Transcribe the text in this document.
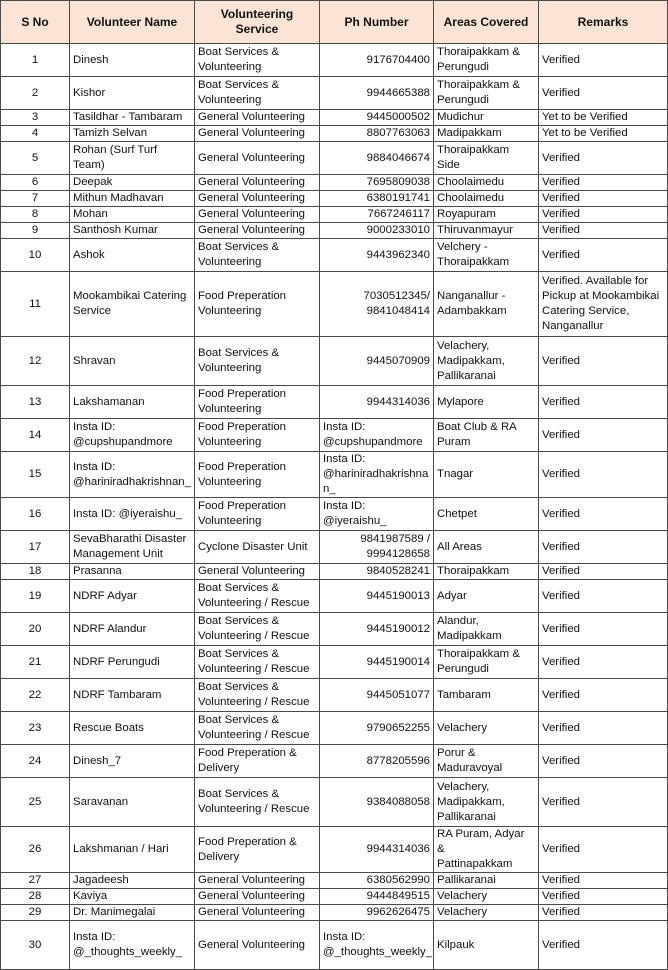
S No	Volunteer Name	Volunteering Service	Ph Number	Areas Covered	Remarks

1	Dinesh	Boat Services &
Volunteering	9176704400	Thoraipakkam &
Perungudi	Verified

2	Kishor	Boat Services &
Volunteering	9944665388	Thoraipakkam &
Perungudi	Verified

3	Tasildhar - Tambaram	General Volunteering	9445000502	Mudichur	Yet to be Verified

4	Tamizh Selvan	General Volunteering	8807763063	Madipakkam	Yet to be Verified

5	Rohan (Surf Turf Team)	General Volunteering	9884046674	Thoraipakkam Side	Verified

6	Deepak	General Volunteering	7695809038	Choolaimedu	Verified

7	Mithun Madhavan	General Volunteering	6380191741	Choolaimedu	Verified

8	Mohan	General Volunteering	7667246117	Royapuram	Verified

9	Santhosh Kumar	General Volunteering	9000233010	Thiruvanmayur	Verified

10	Ashok	Boat Services &
Volunteering	9443962340	Velchery -
Thoraipakkam	Verified

11	Mookambikai Catering
Service	Food Preperation
Volunteering	7030512345/
9841048414	Nanganallur -
Adambakkam	Verified. Available for
Pickup at Mookambikai
Catering Service,
Nanganallur

12	Shravan	Boat Services &
Volunteering	9445070909	Velachery,
Madipakkam,
Pallikaranai	Verified

13	Lakshamanan	Food Preperation
Volunteering	9944314036	Mylapore	Verified

14	Insta ID:
@cupshupandmore	Food Preperation
Volunteering	Insta ID:
@cupshupandmore	Boat Club & RA
Puram	Verified

15	Insta ID:
@hariniradhakrishnan_	Food Preperation
Volunteering	Insta ID:
@hariniradhakrishna
n_	Tnagar	Verified

16	Insta ID: @iyeraishu_	Food Preperation
Volunteering	Insta ID: @iyeraishu_	Chetpet	Verified

17	SevaBharathi Disaster
Management Unit	Cyclone Disaster Unit	9841987589 /
9994128658	All Areas	Verified

18	Prasanna	General Volunteering	9840528241	Thoraipakkam	Verified

19	NDRF Adyar	Boat Services &
Volunteering / Rescue	9445190013	Adyar	Verified

20	NDRF Alandur	Boat Services &
Volunteering / Rescue	9445190012	Alandur,
Madipakkam	Verified

21	NDRF Perungudi	Boat Services &
Volunteering / Rescue	9445190014	Thoraipakkam &
Perungudi	Verified

22	NDRF Tambaram	Boat Services &
Volunteering / Rescue	9445051077	Tambaram	Verified

23	Rescue Boats	Boat Services &
Volunteering / Rescue	9790652255	Velachery	Verified

24	Dinesh_7	Food Preperation &
Delivery	8778205596	Porur &
Maduravoyal	Verified

25	Saravanan	Boat Services &
Volunteering / Rescue	9384088058	Velachery,
Madipakkam,
Pallikaranai	Verified

26	Lakshmanan / Hari	Food Preperation &
Delivery	9944314036	RA Puram, Adyar &
Pattinapakkam	Verified

27	Jagadeesh	General Volunteering	6380562990	Pallikaranai	Verified

28	Kaviya	General Volunteering	9444849515	Velachery	Verified

29	Dr. Manimegalai	General Volunteering	9962626475	Velachery	Verified

30	Insta ID:
@_thoughts_weekly_	General Volunteering	Insta ID:
@_thoughts_weekly_	Kilpauk	Verified
